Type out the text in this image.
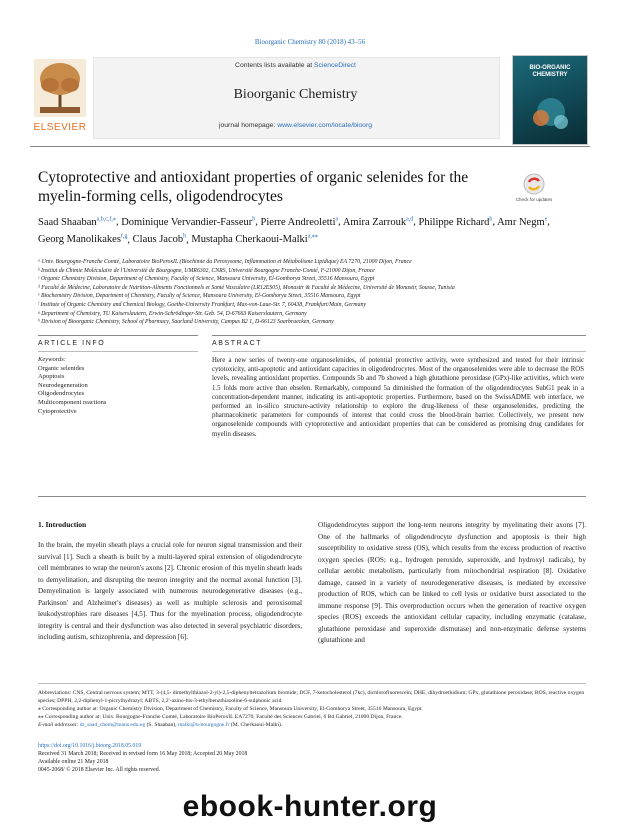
Bioorganic Chemistry 80 (2018) 43–56
Contents lists available at ScienceDirect
Bioorganic Chemistry
journal homepage: www.elsevier.com/locate/bioorg
ELSEVIER
BIO-ORGANIC CHEMISTRY
Cytoprotective and antioxidant properties of organic selenides for the myelin-forming cells, oligodendrocytes	Check for updates
Saad Shaaban$^{a,b,c,f,⁎}$, Dominique Vervandier-Fasseur$^b$, Pierre Andreoletti$^a$, Amira Zarrouk$^{a,d}$, Philippe Richard$^b$, Amr Negm$^e$, Georg Manolikakes$^{f,g}$, Claus Jacob$^h$, Mustapha Cherkaoui-Malki$^{a,⁎⁎}$
ᵃ Univ. Bourgogne-Franche Comté, Laboratoire BioPeroxIL (Biochimie du Peroxysome, Inflammation et Métabolisme Lipidique) EA 7270, 21000 Dijon, France
ᵇ Institut de Chimie Moléculaire de l'Université de Bourgogne, UMR6302, CNRS, Université Bourgogne Franche-Comté, F-21000 Dijon, France
ᶜ Organic Chemistry Division, Department of Chemistry, Faculty of Science, Mansoura University, El-Gomhorya Street, 35516 Mansoura, Egypt
ᵈ Faculté de Médecine, Laboratoire de Nutrition-Aliments Fonctionnels et Santé Vasculaire (LR12ES05), Monastir & Faculté de Médecine, Université de Monastir, Sousse, Tunisia
ᵉ Biochemistry Division, Department of Chemistry, Faculty of Science, Mansoura University, El-Gomhorya Street, 35516 Mansoura, Egypt
ᶠ Institute of Organic Chemistry and Chemical Biology, Goethe-University Frankfurt, Max-von-Laue-Str. 7, 60438, Frankfurt/Main, Germany
ᵍ Department of Chemistry, TU Kaiserslautern, Erwin-Schrödinger-Str. Geb. 54, D-67663 Kaiserslautern, Germany
ʰ Division of Bioorganic Chemistry, School of Pharmacy, Saarland University, Campus B2 1, D-66123 Saarbruecken, Germany
ARTICLE INFO	ABSTRACT
Keywords:
Organic selenides
Apoptosis
Neurodegeneration
Oligodendrocytes
Multicomponent reactions
Cytoprotective
Here a new series of twenty-one organoselenides, of potential protective activity, were synthesized and tested for their intrinsic cytotoxicity, anti-apoptotic and antioxidant capacities in oligodendrocytes. Most of the organoselenides were able to decrease the ROS levels, revealing antioxidant properties. Compounds 5b and 7b showed a high glutathione peroxidase (GPx)-like activities, which were 1.5 folds more active than ebselen. Remarkably, compound 5a diminished the formation of the oligodendrocytes SubG1 peak in a concentration-dependent manner, indicating its anti-apoptotic properties. Furthermore, based on the SwissADME web interface, we performed an in-silico structure-activity relationship to explore the drug-likeness of these organoselenides, predicting the pharmacokinetic parameters for compounds of interest that could cross the blood-brain barrier. Collectively, we present new organoselenide compounds with cytoprotective and antioxidant properties that can be considered as promising drug candidates for myelin diseases.
1. Introduction
In the brain, the myelin sheath plays a crucial role for neuron signal transmission and their survival [1]. Such a sheath is built by a multi-layered spiral extension of oligodendrocyte cell membranes to wrap the neuron's axons [2]. Chronic erosion of this myelin sheath leads to demyelination, and disrupting the neuron integrity and the normal axonal function [3]. Demyelination is largely associated with numerous neurodegenerative diseases (e.g., Parkinson' and Alzheimer's diseases) as well as multiple sclerosis and peroxisomal leukodystrophies rare diseases [4,5]. Thus for the myelination process, oligodendrocyte integrity is central and their dysfunction was also detected in several psychiatric disorders, including autism, schizophrenia, and depression [6].
Oligodendrocytes support the long-term neurons integrity by myelinating their axons [7]. One of the hallmarks of oligodendrocyte dysfunction and apoptosis is their high susceptibility to oxidative stress (OS), which results from the excess production of reactive oxygen species (ROS; e.g., hydrogen peroxide, superoxide, and hydroxyl radicals), by cellular aerobic metabolism, particularly from mitochondrial respiration [8]. Oxidative damage, caused in a variety of neurodegenerative diseases, is mediated by excessive production of ROS, which can be linked to cell lysis or oxidative burst associated to the immune response [9]. This overproduction occurs when the generation of reactive oxygen species (ROS) exceeds the antioxidant cellular capacity, including enzymatic (catalase, glutathione peroxidase and superoxide dismutase) and non-enzymatic defense systems (glutathione and
Abbreviations: CNS, Central nervous system; MTT, 3-(4,5- dimethylthiazol-2-yl)-2,5-diphenyltetrazolium bromide; DCF, 7-ketocholesterol (7kc), dichlorofluorescein; DHE, dihydroethidium; GPx, glutathione peroxidase; ROS, reactive oxygen species; DPPH, 2,2-diphenyl-1-picrylhydrazyl; ABTS, 2,2′-azino-bis-3-ethylbenzthiazoline-6-sulphonic acid
⁎ Corresponding author at: Organic Chemistry Division, Department of Chemistry, Faculty of Science, Mansoura University, El-Gomhorya Street, 35516 Mansoura, Egypt.
⁎⁎ Corresponding author at: Univ. Bourgogne-Franche Comté, Laboratoire BioPeroxIL EA7270, Faculté des Sciences Gabriel, 6 Bd Gabriel, 21000 Dijon, France.
E-mail addresses: dr_saad_chem@mans.edu.eg (S. Shaaban), malki@u-bourgogne.fr (M. Cherkaoui-Malki).
https://doi.org/10.1016/j.bioorg.2018.05.019
Received 31 March 2018; Received in revised form 16 May 2018; Accepted 20 May 2018
Available online 21 May 2018
0045-2068/ © 2018 Elsevier Inc. All rights reserved.
ebook-hunter.org
